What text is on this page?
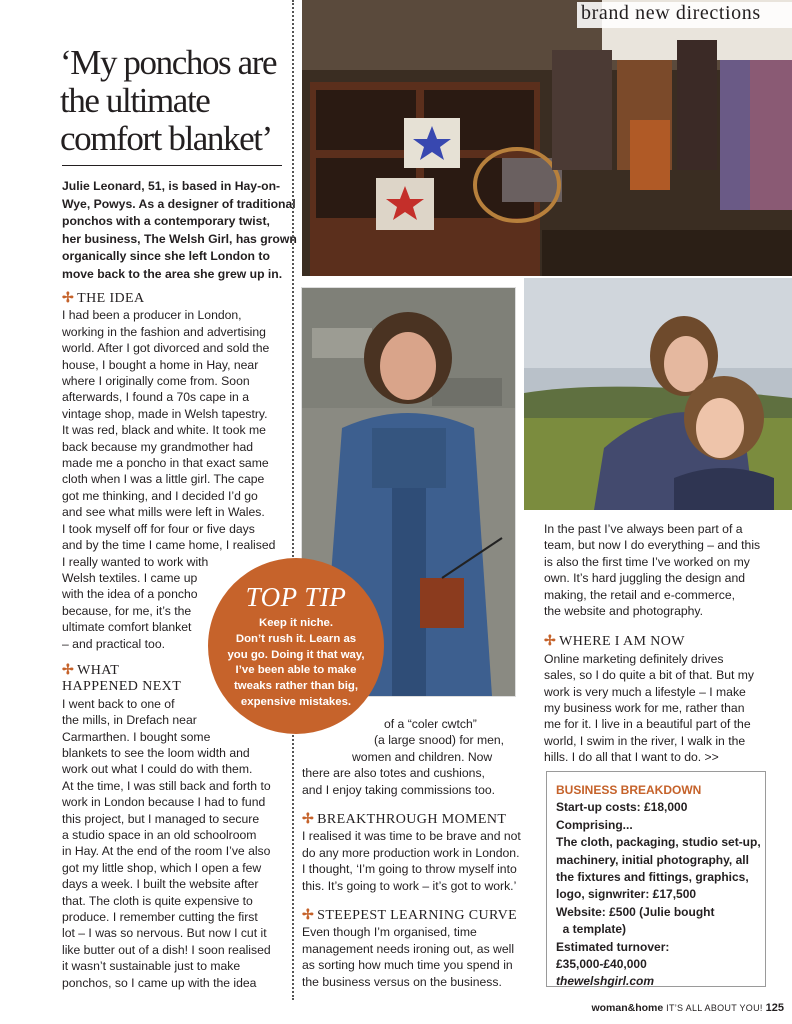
brand new directions
‘My ponchos are
the ultimate
comfort blanket’
Julie Leonard, 51, is based in Hay-on-
Wye, Powys. As a designer of traditional
ponchos with a contemporary twist,
her business, The Welsh Girl, has grown
organically since she left London to
move back to the area she grew up in.
✢ THE IDEA
I had been a producer in London,
working in the fashion and advertising
world. After I got divorced and sold the
house, I bought a home in Hay, near
where I originally come from. Soon
afterwards, I found a 70s cape in a
vintage shop, made in Welsh tapestry.
It was red, black and white. It took me
back because my grandmother had
made me a poncho in that exact same
cloth when I was a little girl. The cape
got me thinking, and I decided I’d go
and see what mills were left in Wales.
I took myself off for four or five days
and by the time I came home, I realised
I really wanted to work with
Welsh textiles. I came up
with the idea of a poncho
because, for me, it’s the
ultimate comfort blanket
– and practical too.
✢ WHAT
HAPPENED NEXT
I went back to one of
the mills, in Drefach near
Carmarthen. I bought some
blankets to see the loom width and
work out what I could do with them.
At the time, I was still back and forth to
work in London because I had to fund
this project, but I managed to secure
a studio space in an old schoolroom
in Hay. At the end of the room I’ve also
got my little shop, which I open a few
days a week. I built the website after
that. The cloth is quite expensive to
produce. I remember cutting the first
lot – I was so nervous. But now I cut it
like butter out of a dish! I soon realised
it wasn’t sustainable just to make
ponchos, so I came up with the idea
of a “coler cwtch”
(a large snood) for men,
women and children. Now
there are also totes and cushions,
and I enjoy taking commissions too.
✢ BREAKTHROUGH MOMENT
I realised it was time to be brave and not
do any more production work in London.
I thought, ‘I’m going to throw myself into
this. It’s going to work – it’s got to work.’
✢ STEEPEST LEARNING CURVE
Even though I’m organised, time
management needs ironing out, as well
as sorting how much time you spend in
the business versus on the business.
In the past I’ve always been part of a
team, but now I do everything – and this
is also the first time I’ve worked on my
own. It’s hard juggling the design and
making, the retail and e-commerce,
the website and photography.
✢ WHERE I AM NOW
Online marketing definitely drives
sales, so I do quite a bit of that. But my
work is very much a lifestyle – I make
my business work for me, rather than
me for it. I live in a beautiful part of the
world, I swim in the river, I walk in the
hills. I do all that I want to do. >>
TOP TIP
Keep it niche.
Don’t rush it. Learn as
you go. Doing it that way,
I’ve been able to make
tweaks rather than big,
expensive mistakes.
BUSINESS BREAKDOWN
Start-up costs: £18,000
Comprising...
The cloth, packaging, studio set-up,
machinery, initial photography, all
the fixtures and fittings, graphics,
logo, signwriter: £17,500
Website: £500 (Julie bought
a template)
Estimated turnover:
£35,000-£40,000
thewelshgirl.com
woman&home IT’S ALL ABOUT YOU! 125
